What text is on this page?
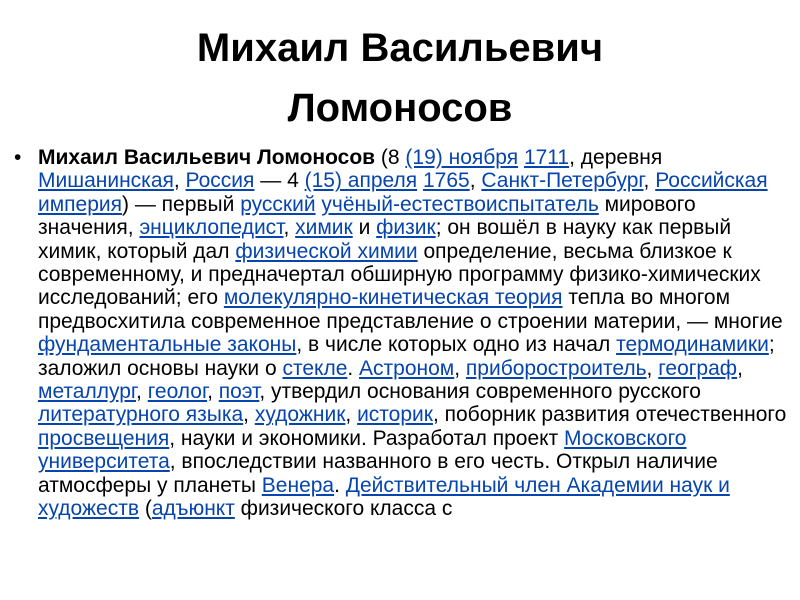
Михаил Васильевич
Ломоносов
• Михаил Васильевич Ломоносов (8 (19) ноября 1711, деревня Мишанинская, Россия — 4 (15) апреля 1765, Санкт-Петербург, Российская империя) — первый русский учёный-естествоиспытатель мирового значения, энциклопедист, химик и физик; он вошёл в науку как первый химик, который дал физической химии определение, весьма близкое к современному, и предначертал обширную программу физико-химических исследований; его молекулярно-кинетическая теория тепла во многом предвосхитила современное представление о строении материи, — многие фундаментальные законы, в числе которых одно из начал термодинамики; заложил основы науки о стекле. Астроном, приборостроитель, географ, металлург, геолог, поэт, утвердил основания современного русского литературного языка, художник, историк, поборник развития отечественного просвещения, науки и экономики. Разработал проект Московского университета, впоследствии названного в его честь. Открыл наличие атмосферы у планеты Венера. Действительный член Академии наук и художеств (адъюнкт физического класса с
